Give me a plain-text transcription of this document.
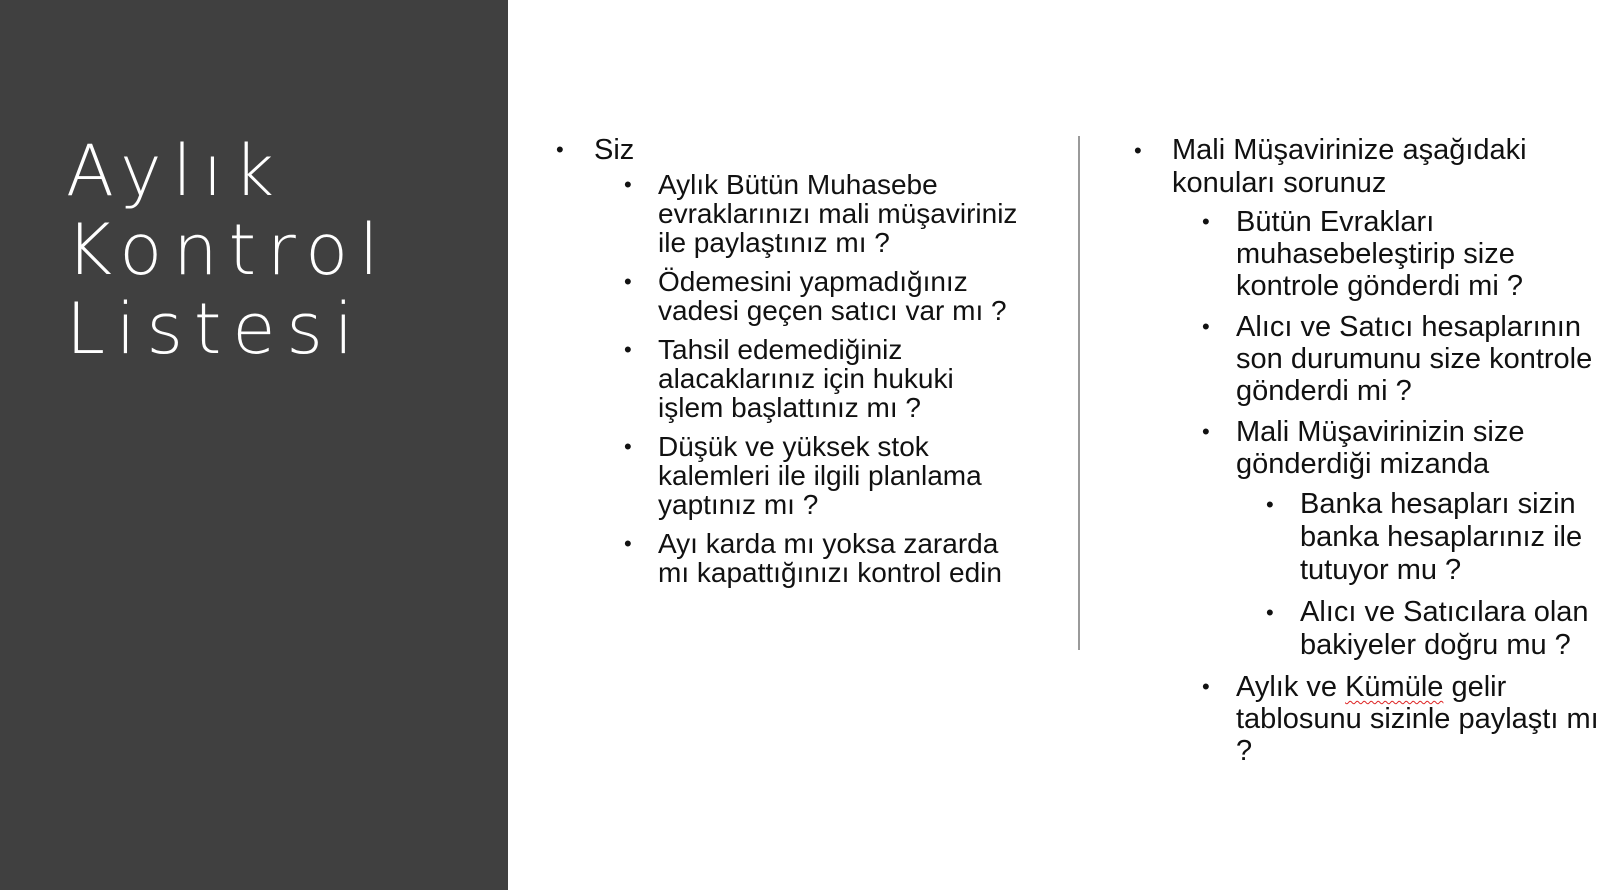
Aylık
Kontrol
Listesi
• Siz
• Aylık Bütün Muhasebe evraklarınızı mali müşaviriniz ile paylaştınız mı ?
• Ödemesini yapmadığınız vadesi geçen satıcı var mı ?
• Tahsil edemediğiniz alacaklarınız için hukuki işlem başlattınız mı ?
• Düşük ve yüksek stok kalemleri ile ilgili planlama yaptınız mı ?
• Ayı karda mı yoksa zararda mı kapattığınızı kontrol edin
• Mali Müşavirinize aşağıdaki konuları sorunuz
• Bütün Evrakları muhasebeleştirip size kontrole gönderdi mi ?
• Alıcı ve Satıcı hesaplarının son durumunu size kontrole gönderdi mi ?
• Mali Müşavirinizin size gönderdiği mizanda
• Banka hesapları sizin banka hesaplarınız ile tutuyor mu ?
• Alıcı ve Satıcılara olan bakiyeler doğru mu ?
• Aylık ve Kümüle gelir tablosunu sizinle paylaştı mı ?
